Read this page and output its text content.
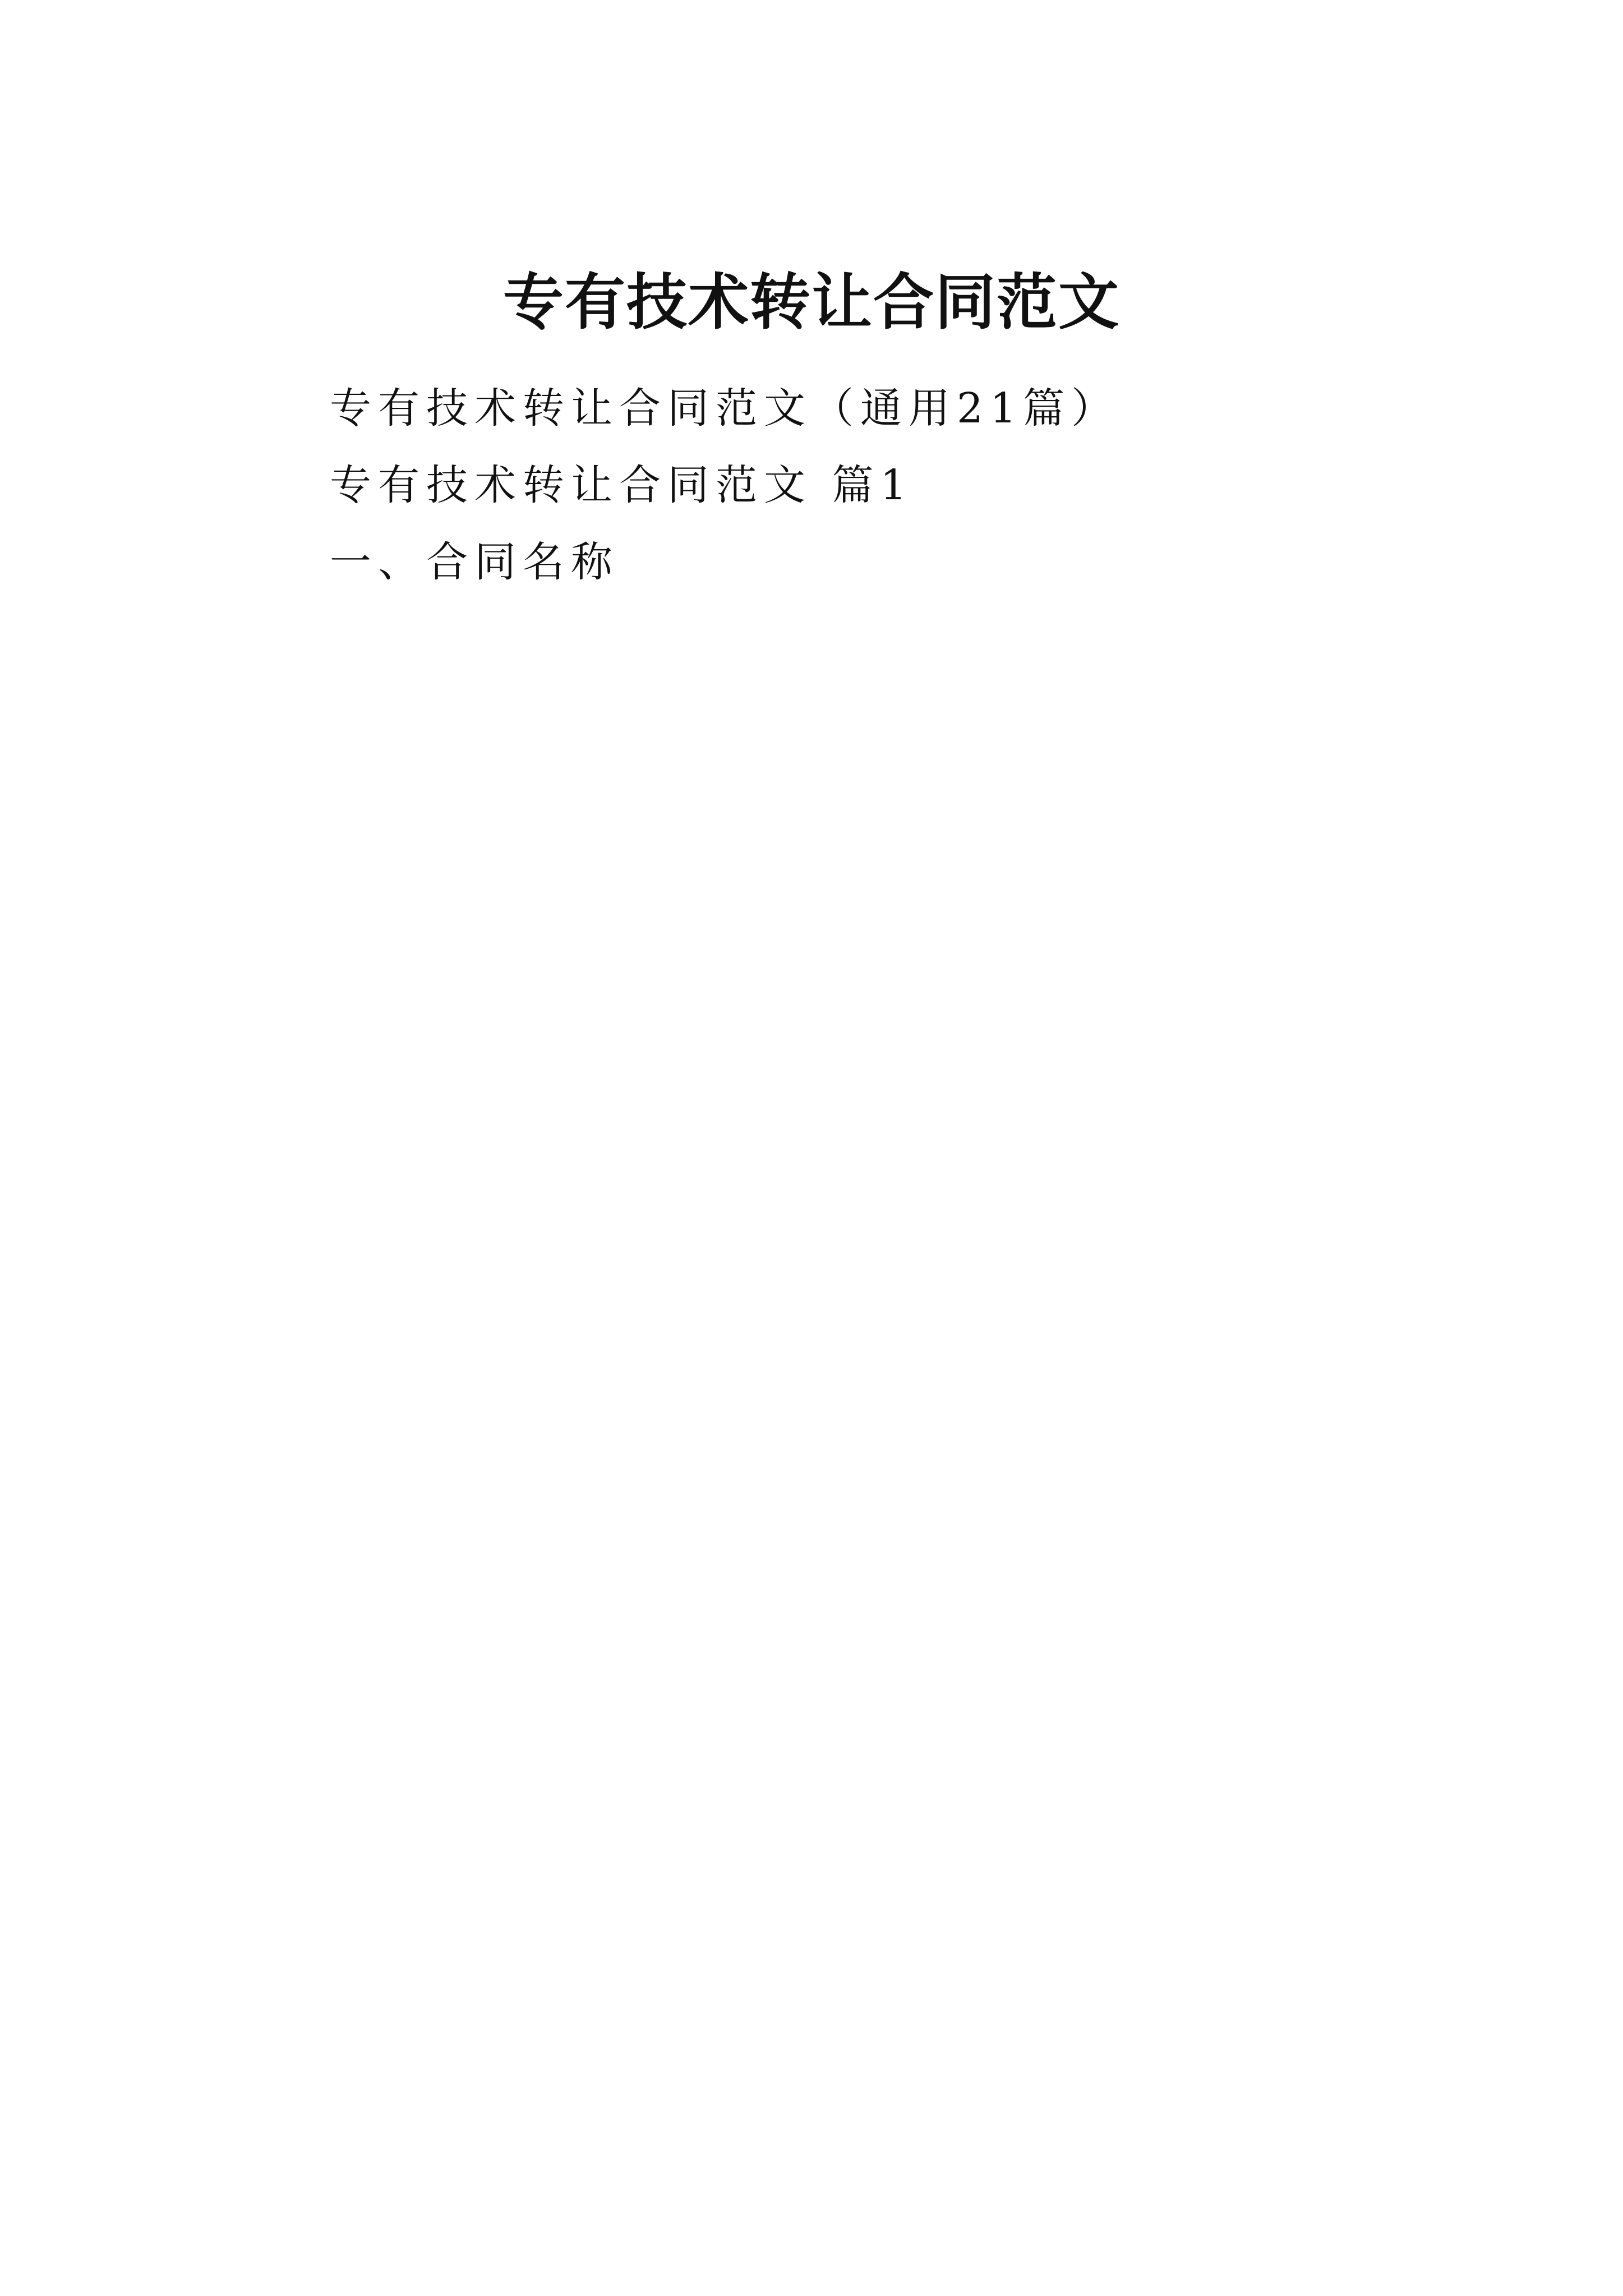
专有技术转让合同范文

专有技术转让合同范文（通用21篇）

专有技术转让合同范文 篇1

一、合同名称
